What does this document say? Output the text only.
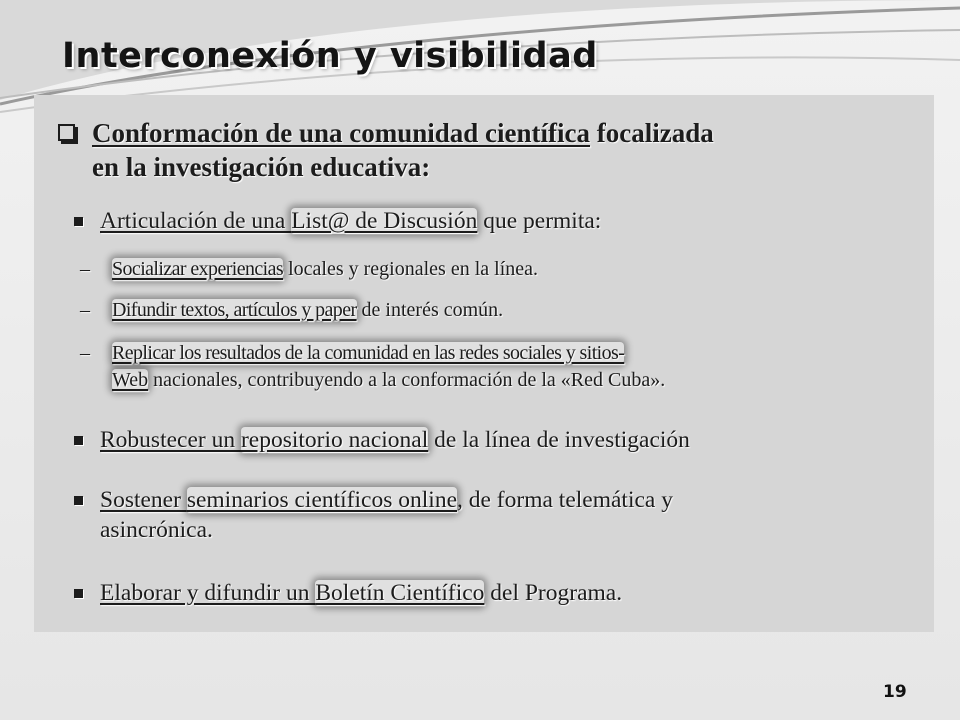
Interconexión y visibilidad
Conformación de una comunidad científica focalizada
en la investigación educativa:
Articulación de una List@ de Discusión que permita:
–	Socializar experiencias locales y regionales en la línea.
–	Difundir textos, artículos y paper de interés común.
–	Replicar los resultados de la comunidad en las redes sociales y sitios-
Web nacionales, contribuyendo a la conformación de la «Red Cuba».
Robustecer un repositorio nacional de la línea de investigación
Sostener seminarios científicos online, de forma telemática y
asincrónica.
Elaborar y difundir un Boletín Científico del Programa.
19
